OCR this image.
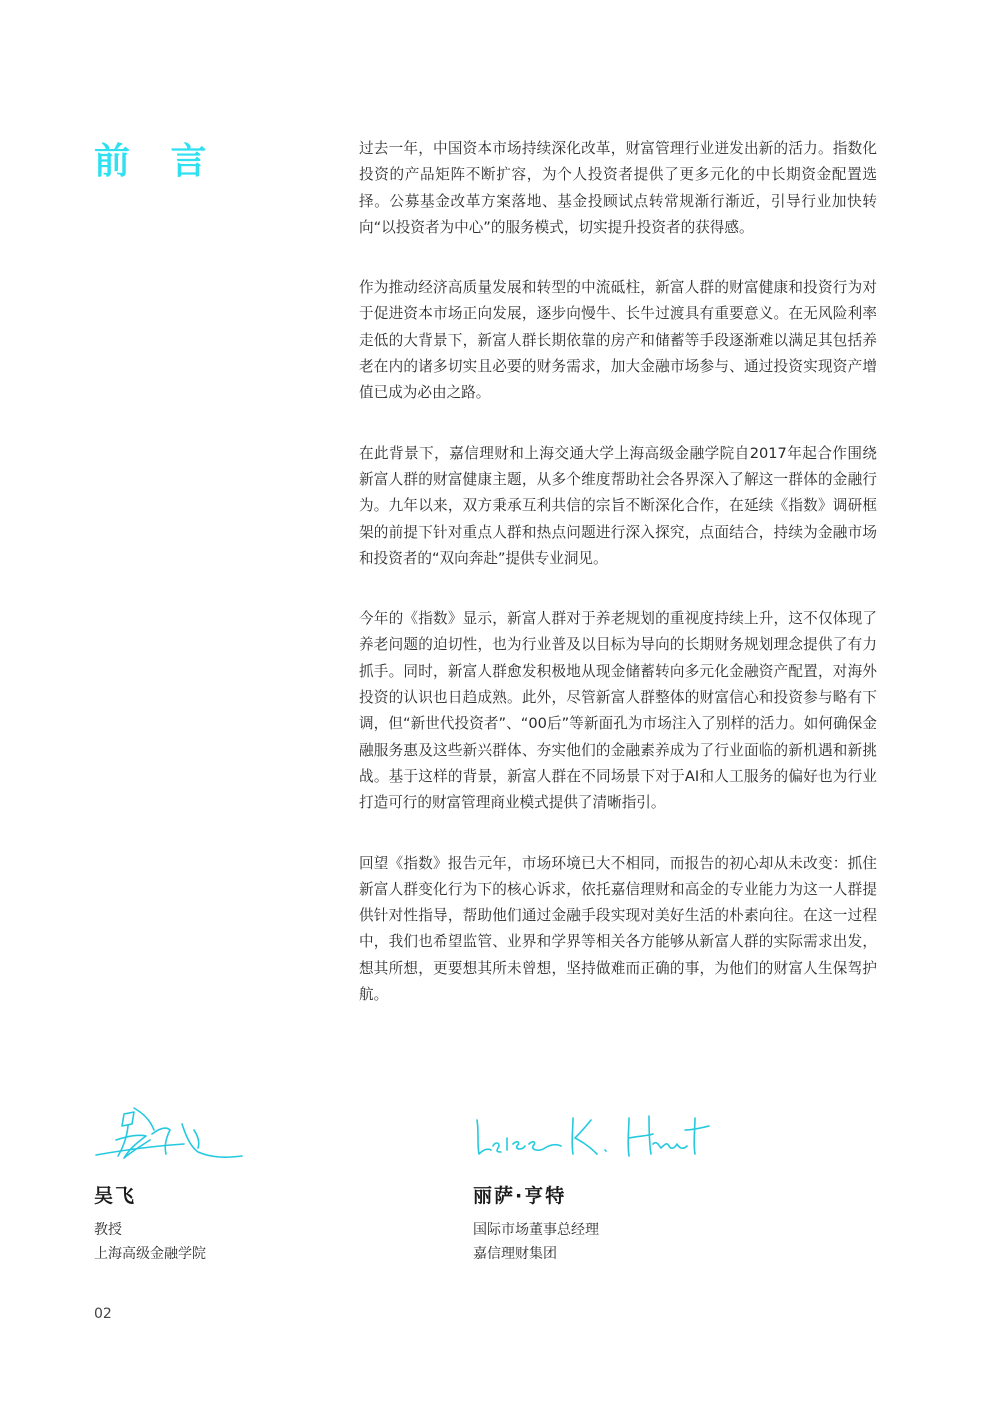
前 言	过去一年，中国资本市场持续深化改革，财富管理行业迸发出新的活力。指数化投资的产品矩阵不断扩容，为个人投资者提供了更多元化的中长期资金配置选择。公募基金改革方案落地、基金投顾试点转常规渐行渐近，引导行业加快转向“以投资者为中心”的服务模式，切实提升投资者的获得感。

作为推动经济高质量发展和转型的中流砥柱，新富人群的财富健康和投资行为对于促进资本市场正向发展，逐步向慢牛、长牛过渡具有重要意义。在无风险利率走低的大背景下，新富人群长期依靠的房产和储蓄等手段逐渐难以满足其包括养老在内的诸多切实且必要的财务需求，加大金融市场参与、通过投资实现资产增值已成为必由之路。

在此背景下，嘉信理财和上海交通大学上海高级金融学院自2017年起合作围绕新富人群的财富健康主题，从多个维度帮助社会各界深入了解这一群体的金融行为。九年以来，双方秉承互利共信的宗旨不断深化合作，在延续《指数》调研框架的前提下针对重点人群和热点问题进行深入探究，点面结合，持续为金融市场和投资者的“双向奔赴”提供专业洞见。

今年的《指数》显示，新富人群对于养老规划的重视度持续上升，这不仅体现了养老问题的迫切性，也为行业普及以目标为导向的长期财务规划理念提供了有力抓手。同时，新富人群愈发积极地从现金储蓄转向多元化金融资产配置，对海外投资的认识也日趋成熟。此外，尽管新富人群整体的财富信心和投资参与略有下调，但“新世代投资者”、“00后”等新面孔为市场注入了别样的活力。如何确保金融服务惠及这些新兴群体、夯实他们的金融素养成为了行业面临的新机遇和新挑战。基于这样的背景，新富人群在不同场景下对于AI和人工服务的偏好也为行业打造可行的财富管理商业模式提供了清晰指引。

回望《指数》报告元年，市场环境已大不相同，而报告的初心却从未改变：抓住新富人群变化行为下的核心诉求，依托嘉信理财和高金的专业能力为这一人群提供针对性指导，帮助他们通过金融手段实现对美好生活的朴素向往。在这一过程中，我们也希望监管、业界和学界等相关各方能够从新富人群的实际需求出发，想其所想，更要想其所未曾想，坚持做难而正确的事，为他们的财富人生保驾护航。

吴飞

教授

上海高级金融学院

丽萨·亨特

国际市场董事总经理

嘉信理财集团

02
